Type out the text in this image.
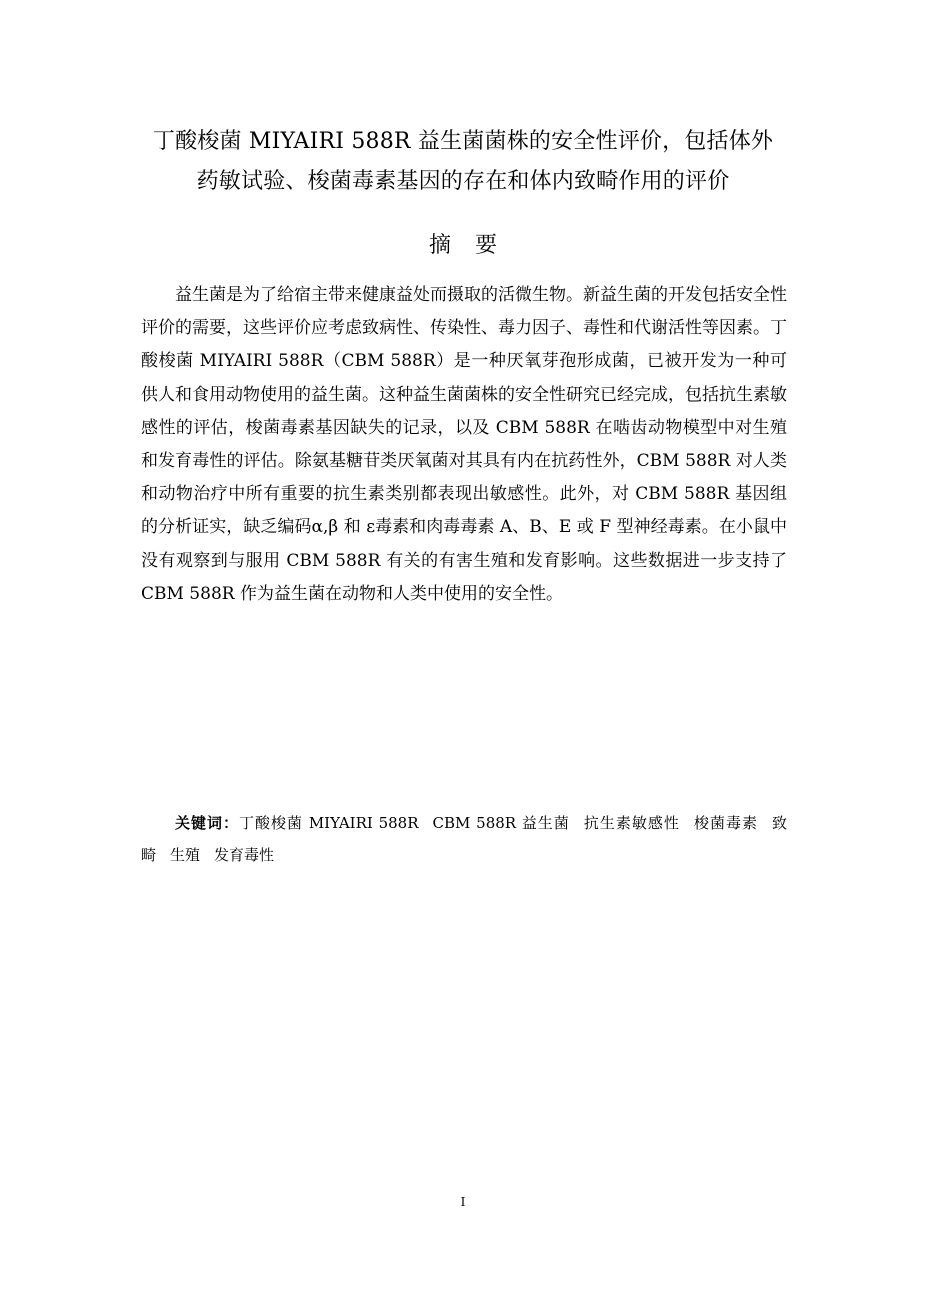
丁酸梭菌 MIYAIRI 588R 益生菌菌株的安全性评价，包括体外
药敏试验、梭菌毒素基因的存在和体内致畸作用的评价
摘要

益生菌是为了给宿主带来健康益处而摄取的活微生物。新益生菌的开发包括安全性评价的需要，这些评价应考虑致病性、传染性、毒力因子、毒性和代谢活性等因素。丁酸梭菌 MIYAIRI 588R（CBM 588R）是一种厌氧芽孢形成菌，已被开发为一种可供人和食用动物使用的益生菌。这种益生菌菌株的安全性研究已经完成，包括抗生素敏感性的评估，梭菌毒素基因缺失的记录，以及 CBM 588R 在啮齿动物模型中对生殖和发育毒性的评估。除氨基糖苷类厌氧菌对其具有内在抗药性外，CBM 588R 对人类和动物治疗中所有重要的抗生素类别都表现出敏感性。此外，对 CBM 588R 基因组的分析证实，缺乏编码α,β 和 ε毒素和肉毒毒素 A、B、E 或 F 型神经毒素。在小鼠中没有观察到与服用 CBM 588R 有关的有害生殖和发育影响。这些数据进一步支持了 CBM 588R 作为益生菌在动物和人类中使用的安全性。

关键词：丁酸梭菌 MIYAIRI 588R CBM 588R 益生菌 抗生素敏感性 梭菌毒素 致畸 生殖 发育毒性

I
